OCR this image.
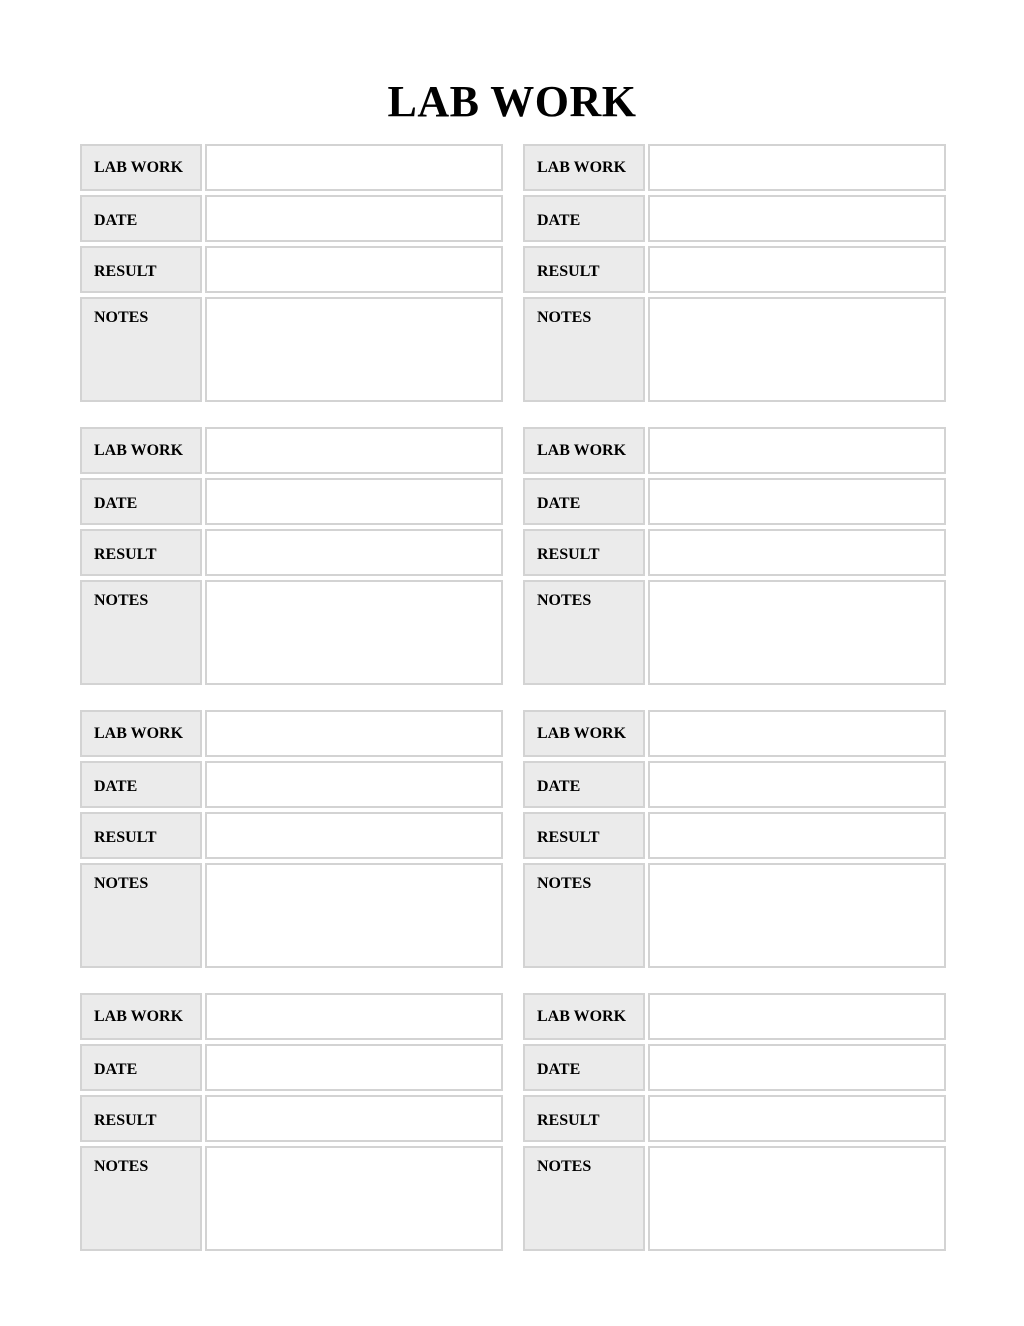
LAB WORK
LAB WORK
DATE
RESULT
NOTES
LAB WORK
DATE
RESULT
NOTES
LAB WORK
DATE
RESULT
NOTES
LAB WORK
DATE
RESULT
NOTES
LAB WORK
DATE
RESULT
NOTES
LAB WORK
DATE
RESULT
NOTES
LAB WORK
DATE
RESULT
NOTES
LAB WORK
DATE
RESULT
NOTES
